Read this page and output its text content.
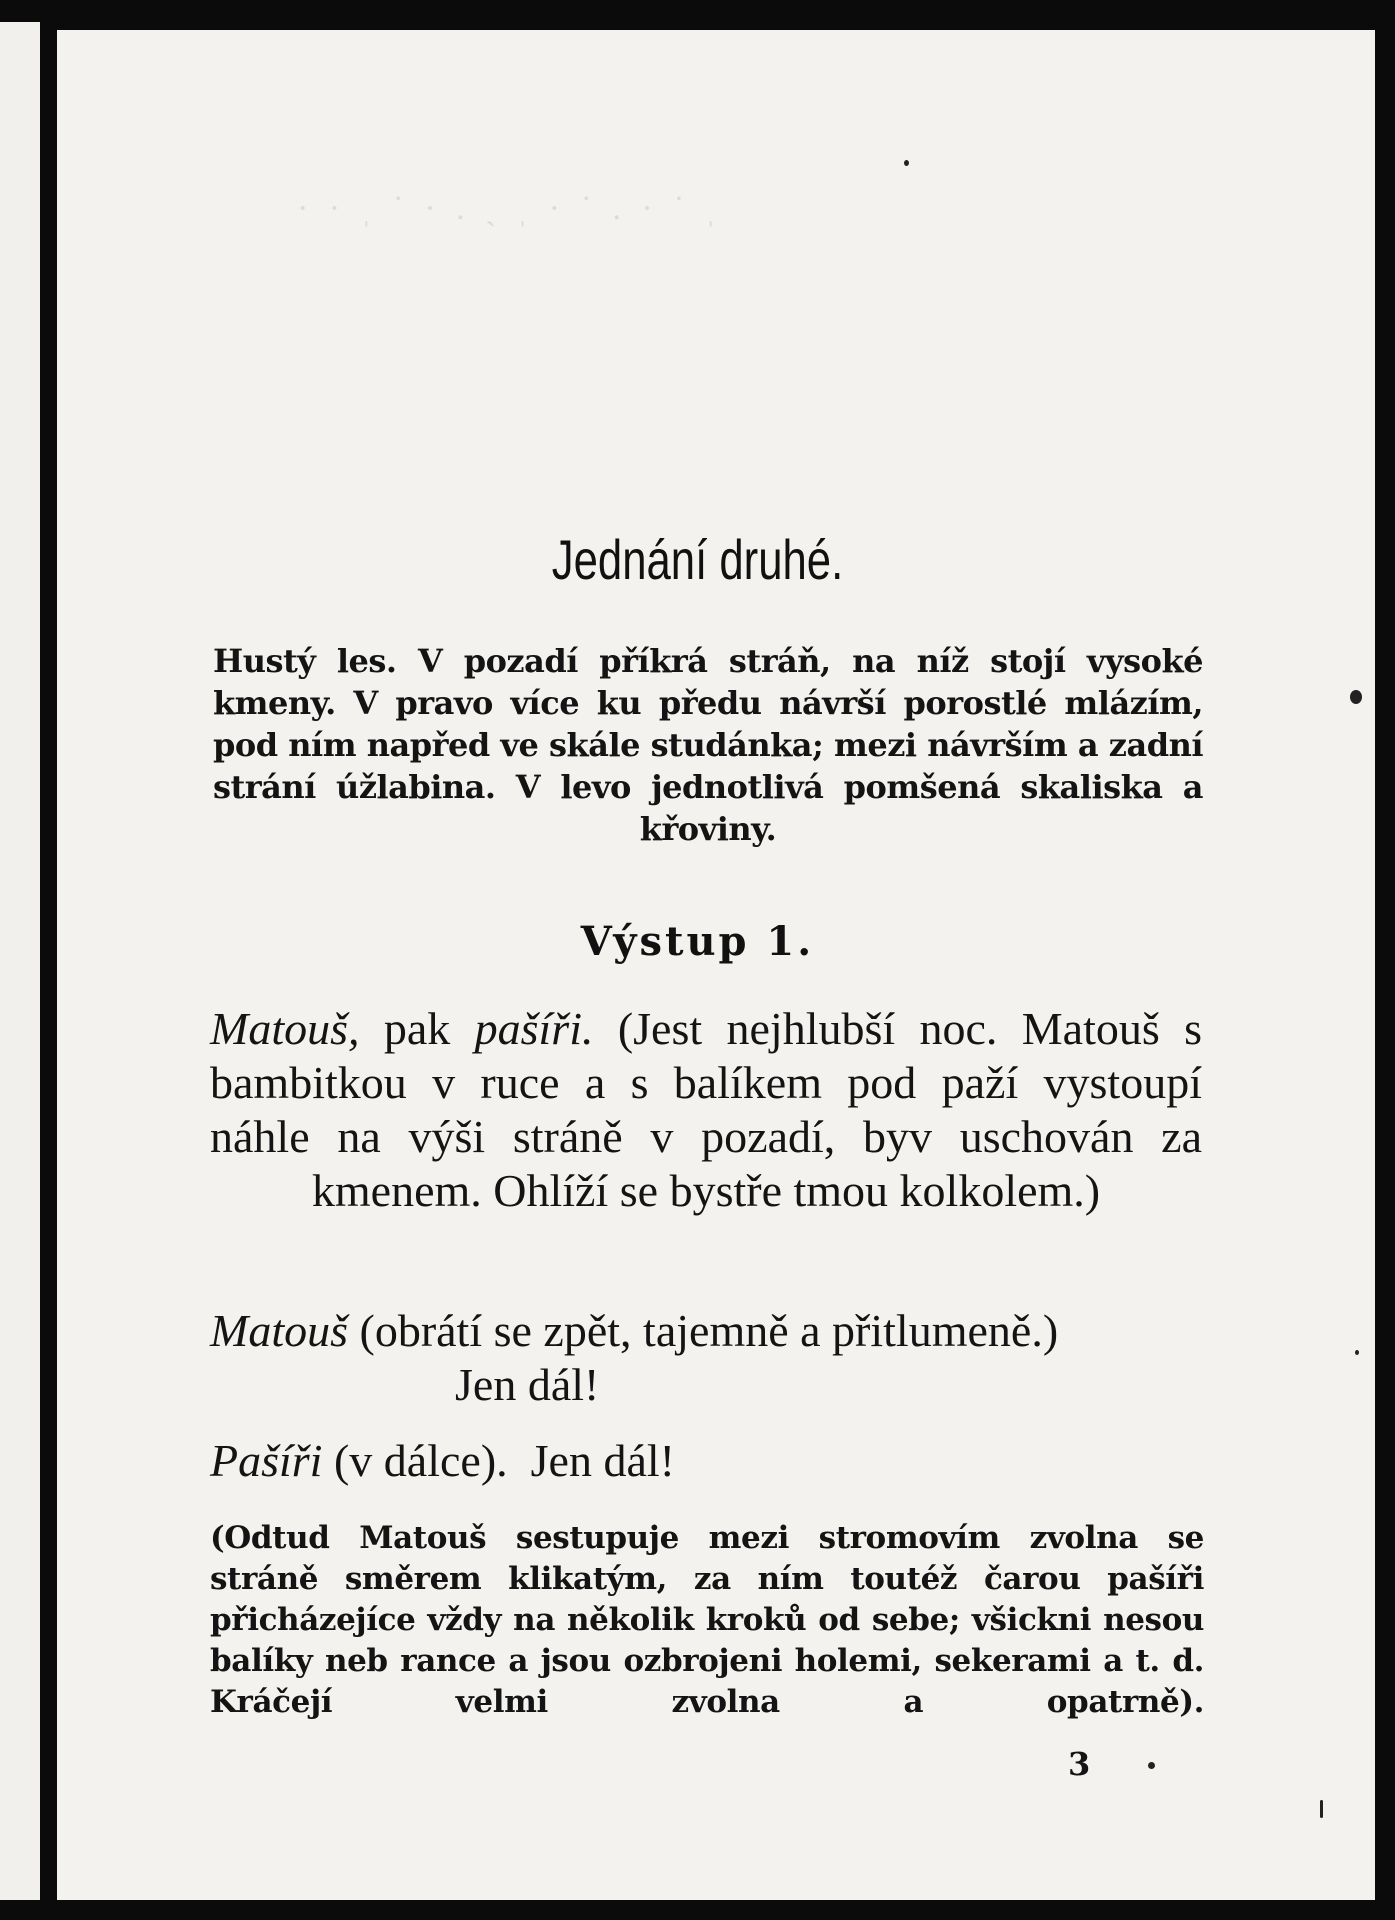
· · ˌ ˙ · . ˏ ˌ · ˙ . · ˙ ˌ
Jednání druhé.
Hustý les. V pozadí příkrá stráň, na níž stojí vysoké kmeny. V pravo více ku předu návrší porostlé mlázím, pod ním napřed ve skále studánka; mezi návrším a zadní strání úžlabina. V levo jednotlivá pomšená skaliska a křoviny.
Výstup 1.
Matouš, pak pašíři. (Jest nejhlubší noc. Matouš s bambitkou v ruce a s balíkem pod paží vystoupí náhle na výši stráně v pozadí, byv uschován za kmenem. Ohlíží se bystře tmou kolkolem.)
Matouš (obrátí se zpět, tajemně a přitlumeně.)
Jen dál!
Pašíři (v dálce).  Jen dál!
(Odtud Matouš sestupuje mezi stromovím zvolna se stráně směrem klikatým, za ním toutéž čarou pašíři přicházejíce vždy na několik kroků od sebe; všickni nesou balíky neb rance a jsou ozbrojeni holemi, sekerami a t. d. Kráčejí velmi zvolna a opatrně).
3
